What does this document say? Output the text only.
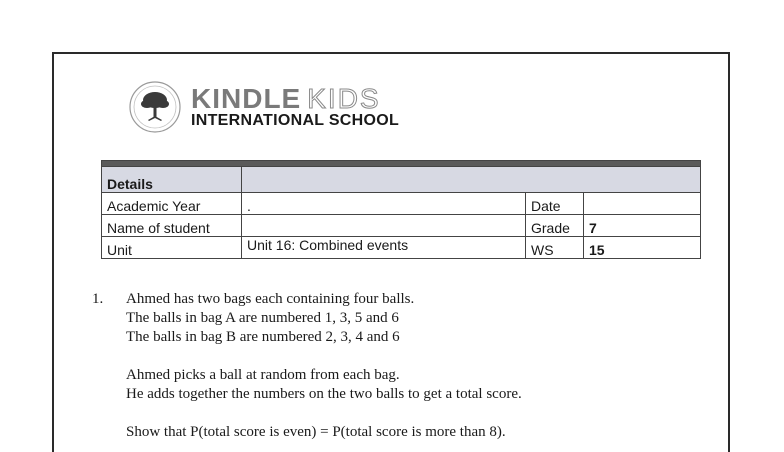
KINDLE KIDS
INTERNATIONAL SCHOOL

Details			
Academic Year	.	Date	
Name of student		Grade	7
Unit	Unit 16: Combined events	WS	15
1. Ahmed has two bags each containing four balls.
The balls in bag A are numbered 1, 3, 5 and 6
The balls in bag B are numbered 2, 3, 4 and 6
Ahmed picks a ball at random from each bag.
He adds together the numbers on the two balls to get a total score.
Show that P(total score is even) = P(total score is more than 8).
